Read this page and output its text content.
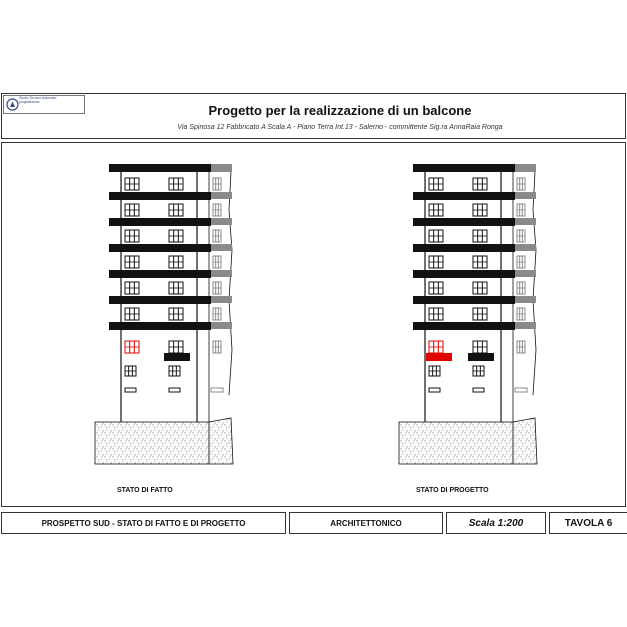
Studio Tecnico Associato
progettazione
Progetto per la realizzazione di un balcone
Via Spinosa 12 Fabbricato A Scala A - Piano Terra Int.13 - Salerno - committente Sig.ra AnnaRaia Ronga
STATO DI FATTO	STATO DI PROGETTO
PROSPETTO SUD - STATO DI FATTO E DI PROGETTO	ARCHITETTONICO	Scala 1:200	TAVOLA 6
